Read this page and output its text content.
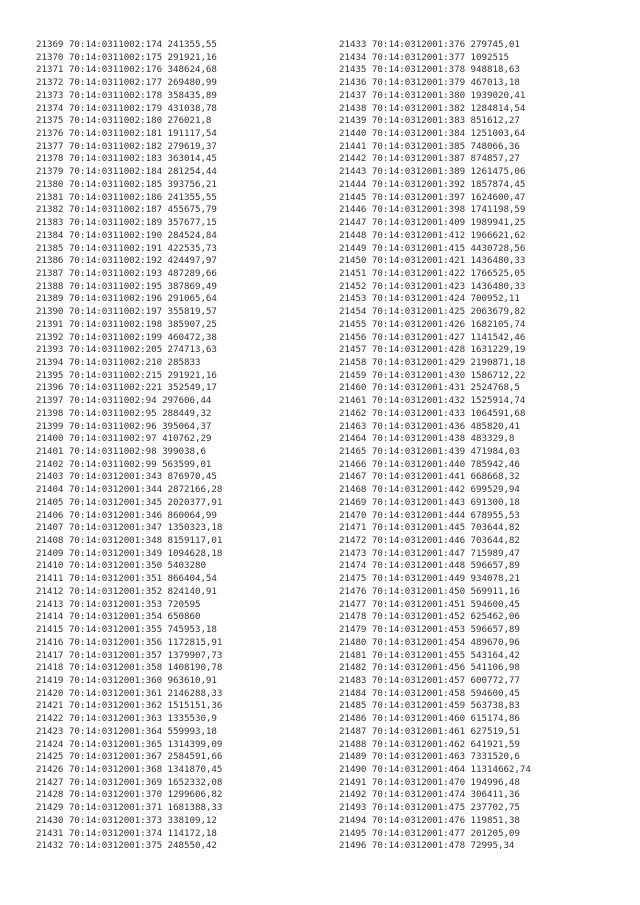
21369 70:14:0311002:174 241355,55
21370 70:14:0311002:175 291921,16
21371 70:14:0311002:176 348624,68
21372 70:14:0311002:177 269480,99
21373 70:14:0311002:178 358435,89
21374 70:14:0311002:179 431038,78
21375 70:14:0311002:180 276021,8
21376 70:14:0311002:181 191117,54
21377 70:14:0311002:182 279619,37
21378 70:14:0311002:183 363014,45
21379 70:14:0311002:184 281254,44
21380 70:14:0311002:185 393756,21
21381 70:14:0311002:186 241355,55
21382 70:14:0311002:187 455675,79
21383 70:14:0311002:189 357677,15
21384 70:14:0311002:190 284524,84
21385 70:14:0311002:191 422535,73
21386 70:14:0311002:192 424497,97
21387 70:14:0311002:193 487289,66
21388 70:14:0311002:195 387869,49
21389 70:14:0311002:196 291065,64
21390 70:14:0311002:197 355819,57
21391 70:14:0311002:198 385907,25
21392 70:14:0311002:199 460472,38
21393 70:14:0311002:205 274713,63
21394 70:14:0311002:210 285833
21395 70:14:0311002:215 291921,16
21396 70:14:0311002:221 352549,17
21397 70:14:0311002:94 297606,44
21398 70:14:0311002:95 288449,32
21399 70:14:0311002:96 395064,37
21400 70:14:0311002:97 410762,29
21401 70:14:0311002:98 399038,6
21402 70:14:0311002:99 563599,01
21403 70:14:0312001:343 876970,45
21404 70:14:0312001:344 2872166,28
21405 70:14:0312001:345 2020377,91
21406 70:14:0312001:346 860064,99
21407 70:14:0312001:347 1350323,18
21408 70:14:0312001:348 8159117,01
21409 70:14:0312001:349 1094628,18
21410 70:14:0312001:350 5403280
21411 70:14:0312001:351 866404,54
21412 70:14:0312001:352 824140,91
21413 70:14:0312001:353 720595
21414 70:14:0312001:354 650860
21415 70:14:0312001:355 745953,18
21416 70:14:0312001:356 1172815,91
21417 70:14:0312001:357 1379907,73
21418 70:14:0312001:358 1408190,78
21419 70:14:0312001:360 963610,91
21420 70:14:0312001:361 2146288,33
21421 70:14:0312001:362 1515151,36
21422 70:14:0312001:363 1335530,9
21423 70:14:0312001:364 559993,18
21424 70:14:0312001:365 1314399,09
21425 70:14:0312001:367 2584591,66
21426 70:14:0312001:368 1341870,45
21427 70:14:0312001:369 1652332,08
21428 70:14:0312001:370 1299606,82
21429 70:14:0312001:371 1681388,33
21430 70:14:0312001:373 338109,12
21431 70:14:0312001:374 114172,18
21432 70:14:0312001:375 248550,42
21433 70:14:0312001:376 279745,01
21434 70:14:0312001:377 1092515
21435 70:14:0312001:378 948818,63
21436 70:14:0312001:379 467013,18
21437 70:14:0312001:380 1939020,41
21438 70:14:0312001:382 1284814,54
21439 70:14:0312001:383 851612,27
21440 70:14:0312001:384 1251003,64
21441 70:14:0312001:385 748066,36
21442 70:14:0312001:387 874857,27
21443 70:14:0312001:389 1261475,06
21444 70:14:0312001:392 1857874,45
21445 70:14:0312001:397 1624600,47
21446 70:14:0312001:398 1741198,59
21447 70:14:0312001:409 1989941,25
21448 70:14:0312001:412 1966621,62
21449 70:14:0312001:415 4430728,56
21450 70:14:0312001:421 1436480,33
21451 70:14:0312001:422 1766525,05
21452 70:14:0312001:423 1436480,33
21453 70:14:0312001:424 700952,11
21454 70:14:0312001:425 2063679,82
21455 70:14:0312001:426 1682105,74
21456 70:14:0312001:427 1141542,46
21457 70:14:0312001:428 1631229,19
21458 70:14:0312001:429 2190871,18
21459 70:14:0312001:430 1586712,22
21460 70:14:0312001:431 2524768,5
21461 70:14:0312001:432 1525914,74
21462 70:14:0312001:433 1064591,68
21463 70:14:0312001:436 485820,41
21464 70:14:0312001:438 483329,8
21465 70:14:0312001:439 471984,03
21466 70:14:0312001:440 785942,46
21467 70:14:0312001:441 668668,32
21468 70:14:0312001:442 699529,94
21469 70:14:0312001:443 691300,18
21470 70:14:0312001:444 678955,53
21471 70:14:0312001:445 703644,82
21472 70:14:0312001:446 703644,82
21473 70:14:0312001:447 715989,47
21474 70:14:0312001:448 596657,89
21475 70:14:0312001:449 934078,21
21476 70:14:0312001:450 569911,16
21477 70:14:0312001:451 594600,45
21478 70:14:0312001:452 625462,06
21479 70:14:0312001:453 596657,89
21480 70:14:0312001:454 489670,96
21481 70:14:0312001:455 543164,42
21482 70:14:0312001:456 541106,98
21483 70:14:0312001:457 600772,77
21484 70:14:0312001:458 594600,45
21485 70:14:0312001:459 563738,83
21486 70:14:0312001:460 615174,86
21487 70:14:0312001:461 627519,51
21488 70:14:0312001:462 641921,59
21489 70:14:0312001:463 7331520,6
21490 70:14:0312001:464 11314662,74
21491 70:14:0312001:470 194996,48
21492 70:14:0312001:474 306411,36
21493 70:14:0312001:475 237702,75
21494 70:14:0312001:476 119851,38
21495 70:14:0312001:477 201205,09
21496 70:14:0312001:478 72995,34
